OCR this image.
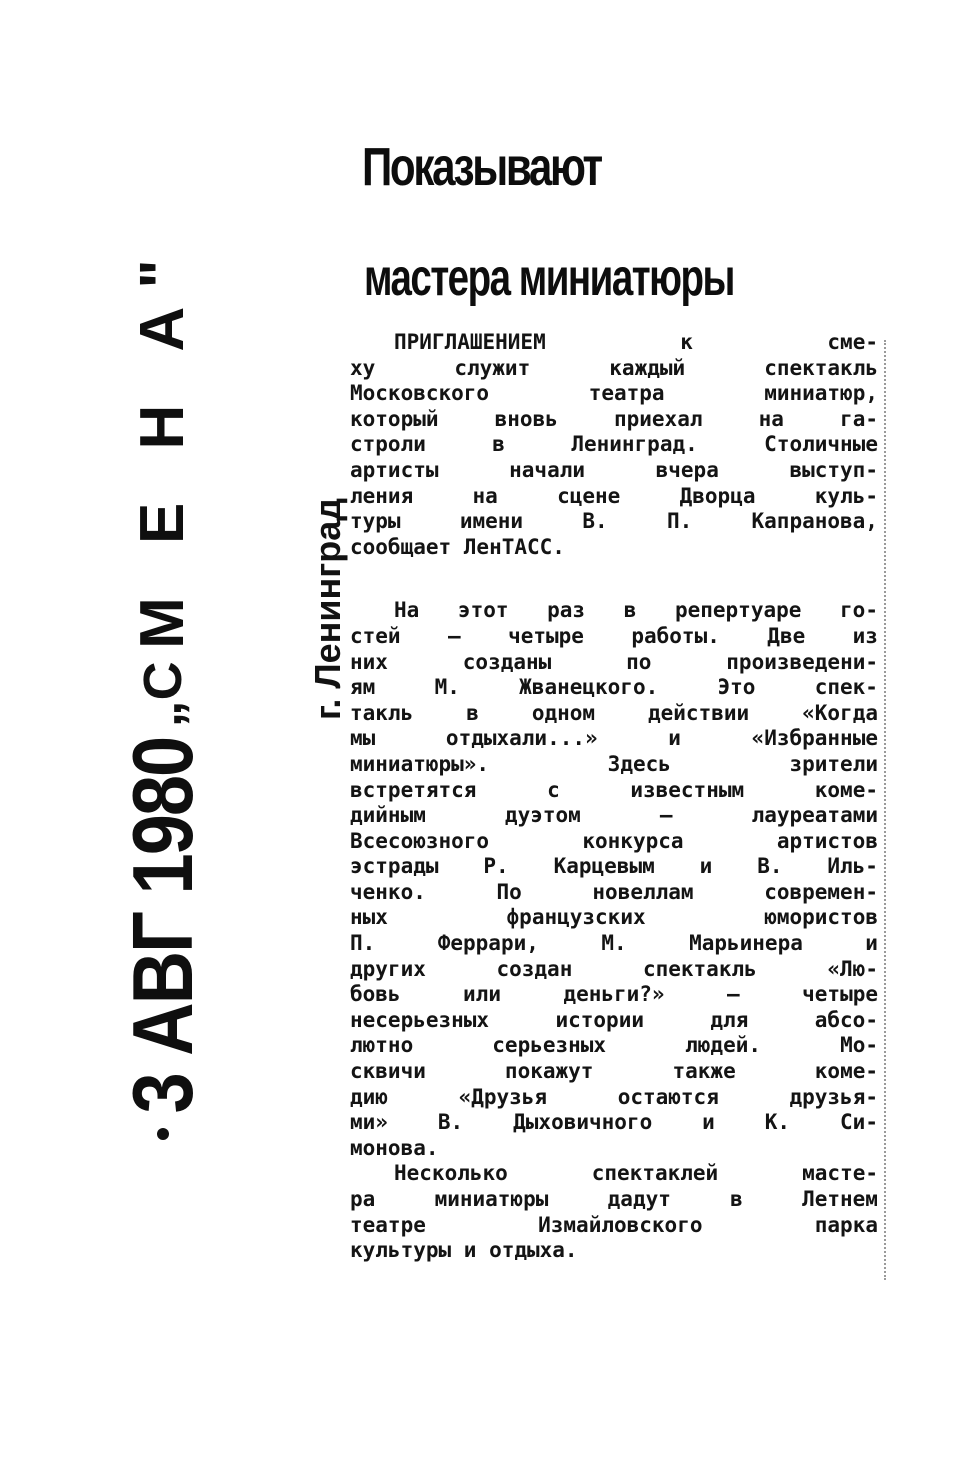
3 АВГ 1980 „С М Е Н А"	г. Ленинград
Показывают
мастера миниатюры

ПРИГЛАШЕНИЕМ	к	сме-
ху	служит	каждый	спектакль
Московского	театра	миниатюр,
который	вновь	приехал	на	га-
строли	в	Ленинград.	Столичные
артисты	начали	вчера	выступ-
ления	на	сцене	Дворца	куль-
туры	имени	В.	П.	Капранова,
сообщает ЛенТАСС.

На этот раз в репертуаре го-
стей — четыре работы. Две из
них	созданы	по	произведени-
ям	М.	Жванецкого.	Это	спек-
такль	в	одном	действии	«Когда
мы	отдыхали...»	и	«Избранные
миниатюры».	Здесь	зрители
встретятся	с	известным	коме-
дийным	дуэтом	—	лауреатами
Всесоюзного	конкурса	артистов
эстрады Р. Карцевым и В. Иль-
ченко.	По	новеллам	современ-
ных	французских	юмористов
П.	Феррари,	М.	Марьинера	и
других	создан	спектакль	«Лю-
бовь	или	деньги?»	—	четыре
несерьезных	истории	для	абсо-
лютно	серьезных	людей.	Мо-
сквичи	покажут	также	коме-
дию	«Друзья	остаются	друзья-
ми» В. Дыховичного и К. Си-
монова.

Несколько	спектаклей	масте-
ра	миниатюры	дадут	в	Летнем
театре	Измайловского	парка
культуры и отдыха.
